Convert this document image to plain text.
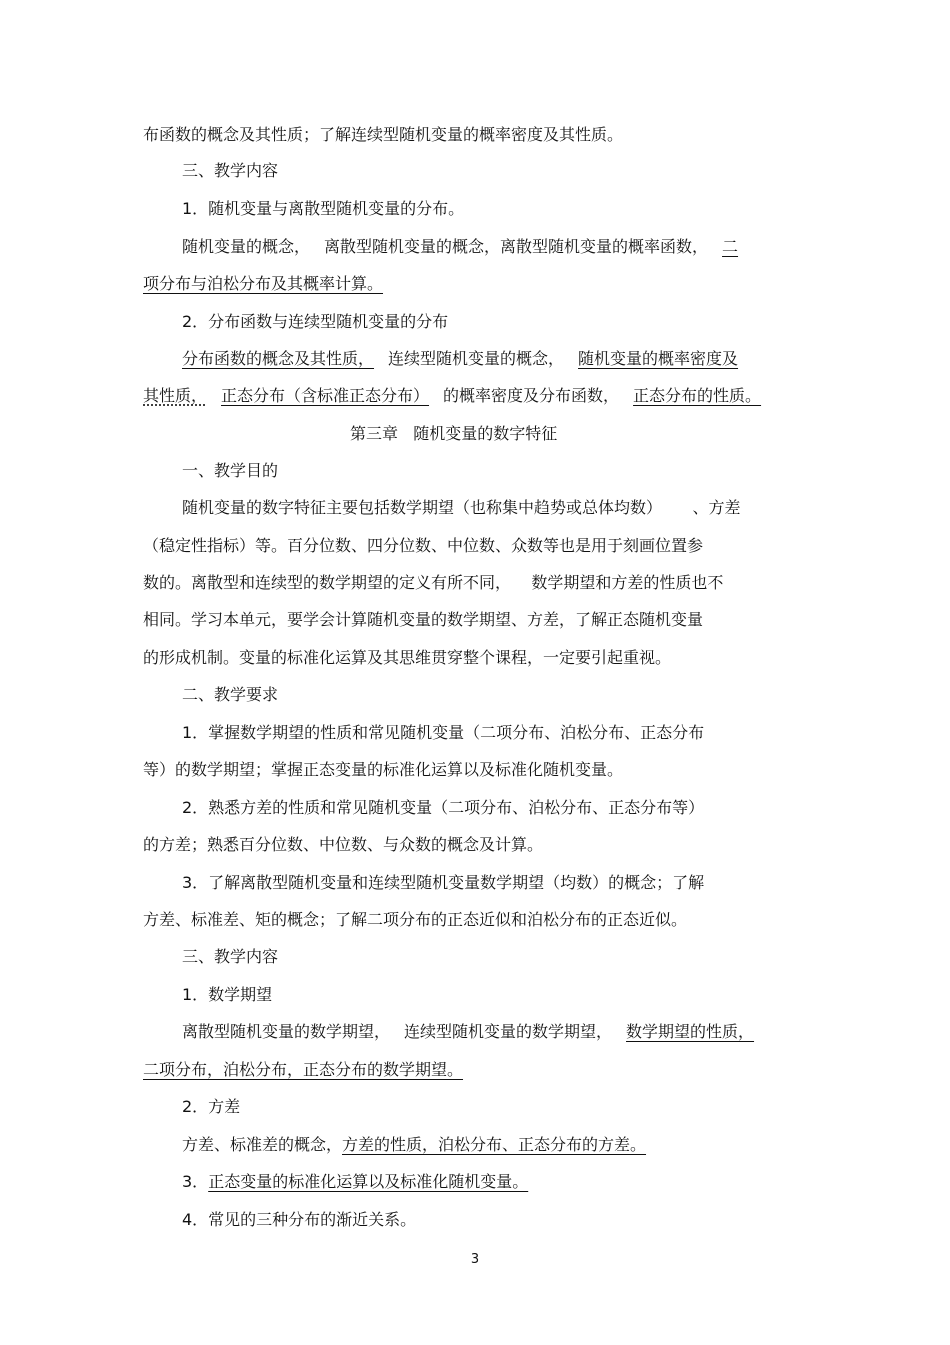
布函数的概念及其性质；了解连续型随机变量的概率密度及其性质。
三、教学内容
1．随机变量与离散型随机变量的分布。
随机变量的概念， 离散型随机变量的概念，离散型随机变量的概率函数， 二
项分布与泊松分布及其概率计算。
2．分布函数与连续型随机变量的分布
分布函数的概念及其性质， 连续型随机变量的概念， 随机变量的概率密度及
其性质， 正态分布（含标准正态分布） 的概率密度及分布函数， 正态分布的性质。
第三章   随机变量的数字特征
一、教学目的
随机变量的数字特征主要包括数学期望（也称集中趋势或总体均数）      、方差
（稳定性指标）等。百分位数、四分位数、中位数、众数等也是用于刻画位置参
数的。离散型和连续型的数学期望的定义有所不同，    数学期望和方差的性质也不
相同。学习本单元，要学会计算随机变量的数学期望、方差，了解正态随机变量
的形成机制。变量的标准化运算及其思维贯穿整个课程，一定要引起重视。
二、教学要求
1．掌握数学期望的性质和常见随机变量（二项分布、泊松分布、正态分布
等）的数学期望；掌握正态变量的标准化运算以及标准化随机变量。
2．熟悉方差的性质和常见随机变量（二项分布、泊松分布、正态分布等）
的方差；熟悉百分位数、中位数、与众数的概念及计算。
3．了解离散型随机变量和连续型随机变量数学期望（均数）的概念；了解
方差、标准差、矩的概念；了解二项分布的正态近似和泊松分布的正态近似。
三、教学内容
1．数学期望
离散型随机变量的数学期望， 连续型随机变量的数学期望， 数学期望的性质，
二项分布，泊松分布，正态分布的数学期望。
2．方差
方差、标准差的概念，方差的性质，泊松分布、正态分布的方差。
3．正态变量的标准化运算以及标准化随机变量。
4．常见的三种分布的渐近关系。
3
